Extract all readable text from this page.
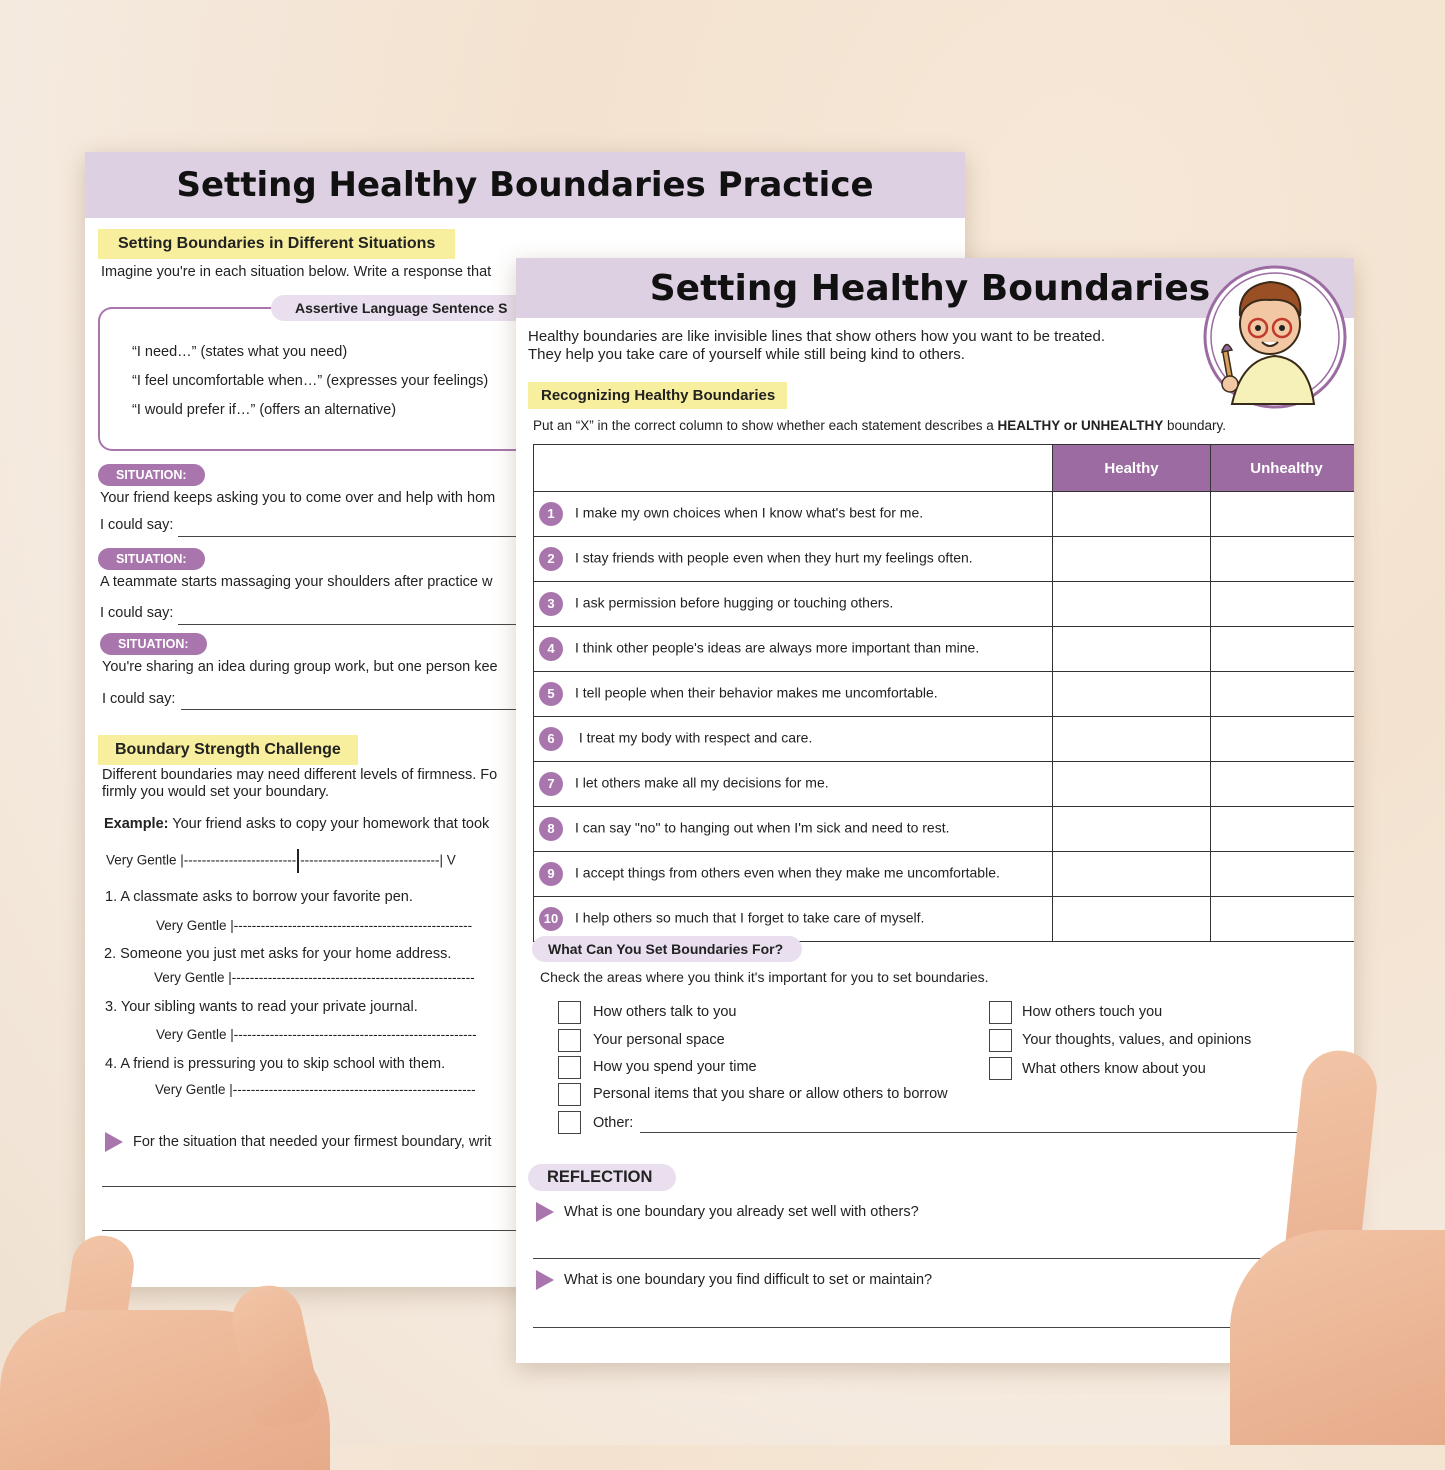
Setting Healthy Boundaries Practice
Setting Boundaries in Different Situations
Imagine you're in each situation below. Write a response that
Assertive Language Sentence S
“I need…” (states what you need)
“I feel uncomfortable when…” (expresses your feelings)
“I would prefer if…” (offers an alternative)
SITUATION:
Your friend keeps asking you to come over and help with hom
I could say:
SITUATION:
A teammate starts massaging your shoulders after practice w
I could say:
SITUATION:
You're sharing an idea during group work, but one person kee
I could say:
Boundary Strength Challenge
Different boundaries may need different levels of firmness. Fo
firmly you would set your boundary.
Example: Your friend asks to copy your homework that took
Very Gentle |------------------------- -------------------------------| V
1. A classmate asks to borrow your favorite pen.
Very Gentle |-----------------------------------------------------
2. Someone you just met asks for your home address.
Very Gentle |------------------------------------------------------
3. Your sibling wants to read your private journal.
Very Gentle |------------------------------------------------------
4. A friend is pressuring you to skip school with them.
Very Gentle |------------------------------------------------------
For the situation that needed your firmest boundary, writ
Setting Healthy Boundaries
Healthy boundaries are like invisible lines that show others how you want to be treated.
They help you take care of yourself while still being kind to others.
Recognizing Healthy Boundaries
Put an “X” in the correct column to show whether each statement describes a HEALTHY or UNHEALTHY boundary.
	Healthy	Unhealthy
1 I make my own choices when I know what's best for me.		
2 I stay friends with people even when they hurt my feelings often.		
3 I ask permission before hugging or touching others.		
4 I think other people's ideas are always more important than mine.		
5 I tell people when their behavior makes me uncomfortable.		
6 I treat my body with respect and care.		
7 I let others make all my decisions for me.		
8 I can say "no" to hanging out when I'm sick and need to rest.		
9 I accept things from others even when they make me uncomfortable.		
10 I help others so much that I forget to take care of myself.		
What Can You Set Boundaries For?
Check the areas where you think it's important for you to set boundaries.
How others talk to you
Your personal space
How you spend your time
Personal items that you share or allow others to borrow
Other:
How others touch you
Your thoughts, values, and opinions
What others know about you
REFLECTION
What is one boundary you already set well with others?
What is one boundary you find difficult to set or maintain?
